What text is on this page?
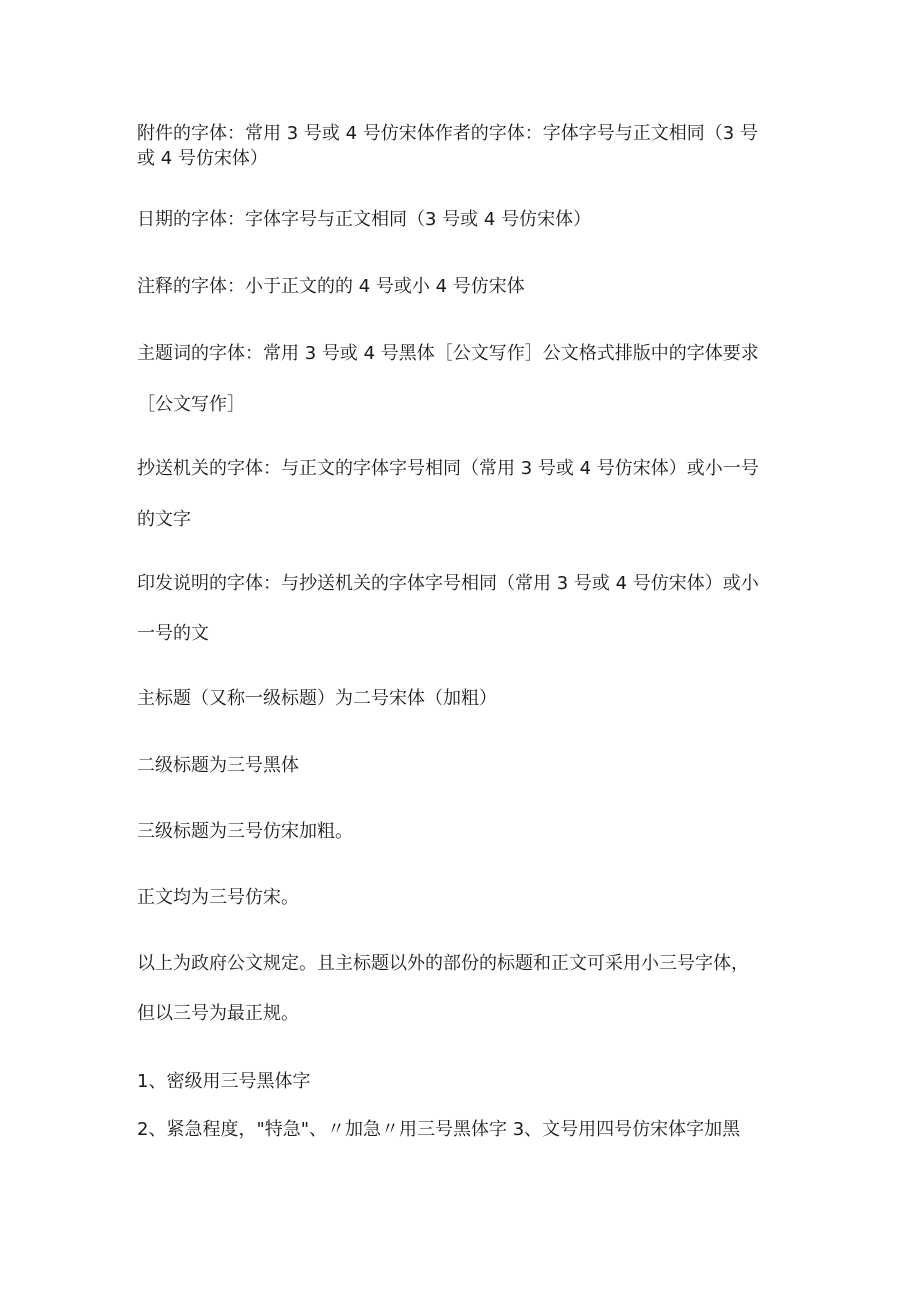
附件的字体：常用 3 号或 4 号仿宋体作者的字体：字体字号与正文相同（3 号

或 4 号仿宋体）

日期的字体：字体字号与正文相同（3 号或 4 号仿宋体）

注释的字体：小于正文的的 4 号或小 4 号仿宋体

主题词的字体：常用 3 号或 4 号黑体［公文写作］公文格式排版中的字体要求

［公文写作］

抄送机关的字体：与正文的字体字号相同（常用 3 号或 4 号仿宋体）或小一号

的文字

印发说明的字体：与抄送机关的字体字号相同（常用 3 号或 4 号仿宋体）或小

一号的文

主标题（又称一级标题）为二号宋体（加粗）

二级标题为三号黑体

三级标题为三号仿宋加粗。

正文均为三号仿宋。

以上为政府公文规定。且主标题以外的部份的标题和正文可采用小三号字体，

但以三号为最正规。

1、密级用三号黑体字

2、紧急程度，"特急"、〃加急〃用三号黑体字 3、文号用四号仿宋体字加黑
